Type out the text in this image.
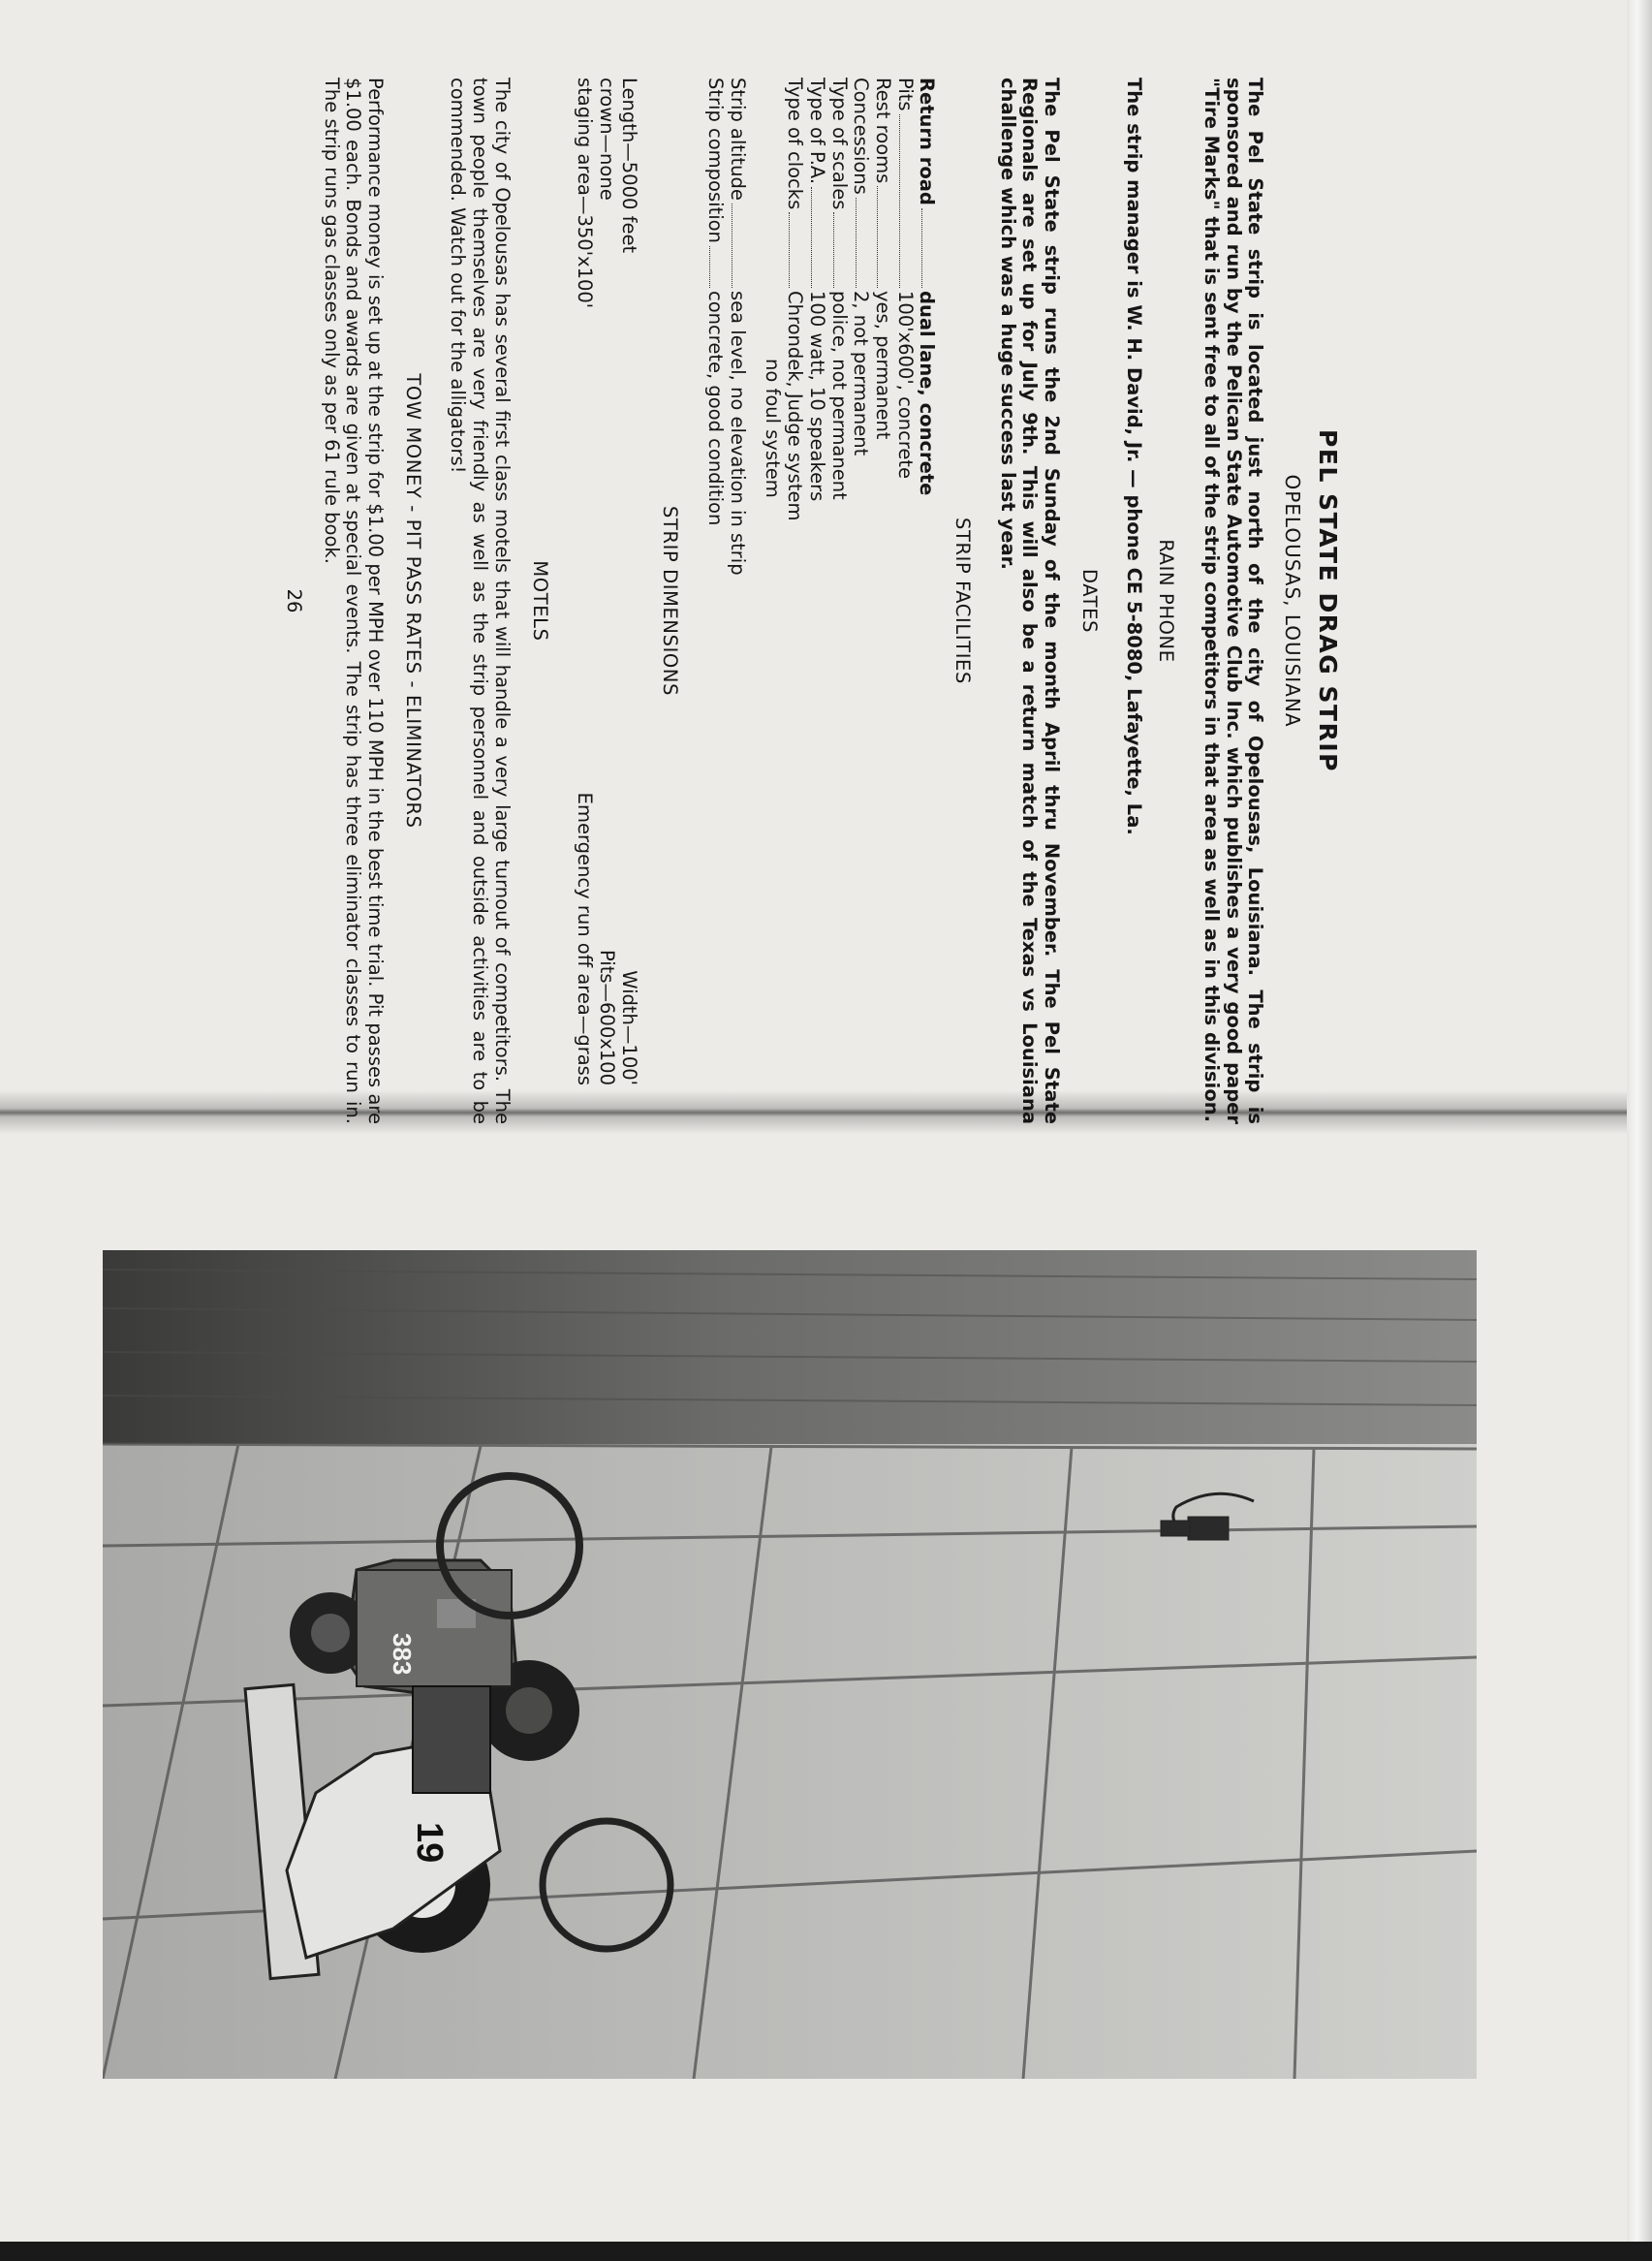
383
19
PEL STATE DRAG STRIP
OPELOUSAS, LOUISIANA
The Pel State strip is located just north of the city of Opelousas, Louisiana. The strip is sponsored and run by the Pelican State Automotive Club Inc. which publishes a very good paper "Tire Marks" that is sent free to all of the strip competitors in that area as well as in this division.
RAIN PHONE
The strip manager is W. H. David, Jr. — phone CE 5-8080, Lafayette, La.
DATES
The Pel State strip runs the 2nd Sunday of the month April thru November. The Pel State Regionals are set up for July 9th. This will also be a return match of the Texas vs Louisiana challenge which was a huge success last year.
STRIP FACILITIES
Return road
dual lane, concrete
Pits
100'x600', concrete
Rest rooms
yes, permanent
Concessions
2, not permanent
Type of scales
police, not permanent
Type of P.A.
100 watt, 10 speakers
Type of clocks
Chrondek, Judge system
no foul system
Strip altitude
sea level, no elevation in strip
Strip composition
concrete, good condition
STRIP DIMENSIONS
Length—5000 feet
crown—none
staging area—350'x100'
Width—100'
Pits—600x100
Emergency run off area—grass
MOTELS
The city of Opelousas has several first class motels that will handle a very large turnout of competitors. The town people themselves are very friendly as well as the strip personnel and outside activities are to be commended. Watch out for the alligators!
TOW MONEY - PIT PASS RATES - ELIMINATORS
Performance money is set up at the strip for $1.00 per MPH over 110 MPH in the best time trial. Pit passes are $1.00 each. Bonds and awards are given at special events. The strip has three eliminator classes to run in. The strip runs gas classes only as per 61 rule book.
26
